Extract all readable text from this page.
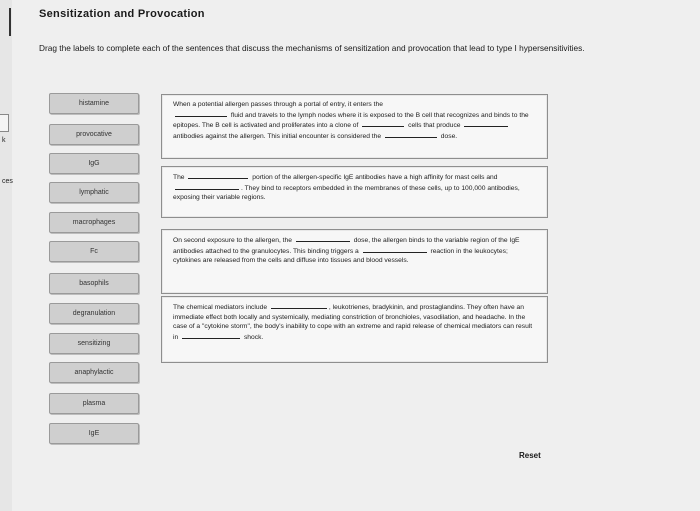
k
ces
Sensitization and Provocation
Drag the labels to complete each of the sentences that discuss the mechanisms of sensitization and provocation that lead to type I hypersensitivities.
histamine
provocative
IgG
lymphatic
macrophages
Fc
basophils
degranulation
sensitizing
anaphylactic
plasma
IgE
When a potential allergen passes through a portal of entry, it enters the
fluid and travels to the lymph nodes where it is exposed to the B cell that recognizes and binds to the epitopes. The B cell is activated and proliferates into a clone of	cells that produce  antibodies against the allergen. This initial encounter is considered the	dose.
The	portion of the allergen-specific IgE antibodies have a high affinity for mast cells and . They bind to receptors embedded in the membranes of these cells, up to 100,000 antibodies, exposing their variable regions.
On second exposure to the allergen, the	dose, the allergen binds to the variable region of the IgE antibodies attached to the granulocytes. This binding triggers a	reaction in the leukocytes; cytokines are released from the cells and diffuse into tissues and blood vessels.
The chemical mediators include	, leukotrienes, bradykinin, and prostaglandins. They often have an immediate effect both locally and systemically, mediating constriction of bronchioles, vasodilation, and headache. In the case of a "cytokine storm", the body's inability to cope with an extreme and rapid release of chemical mediators can result in	shock.
Reset
